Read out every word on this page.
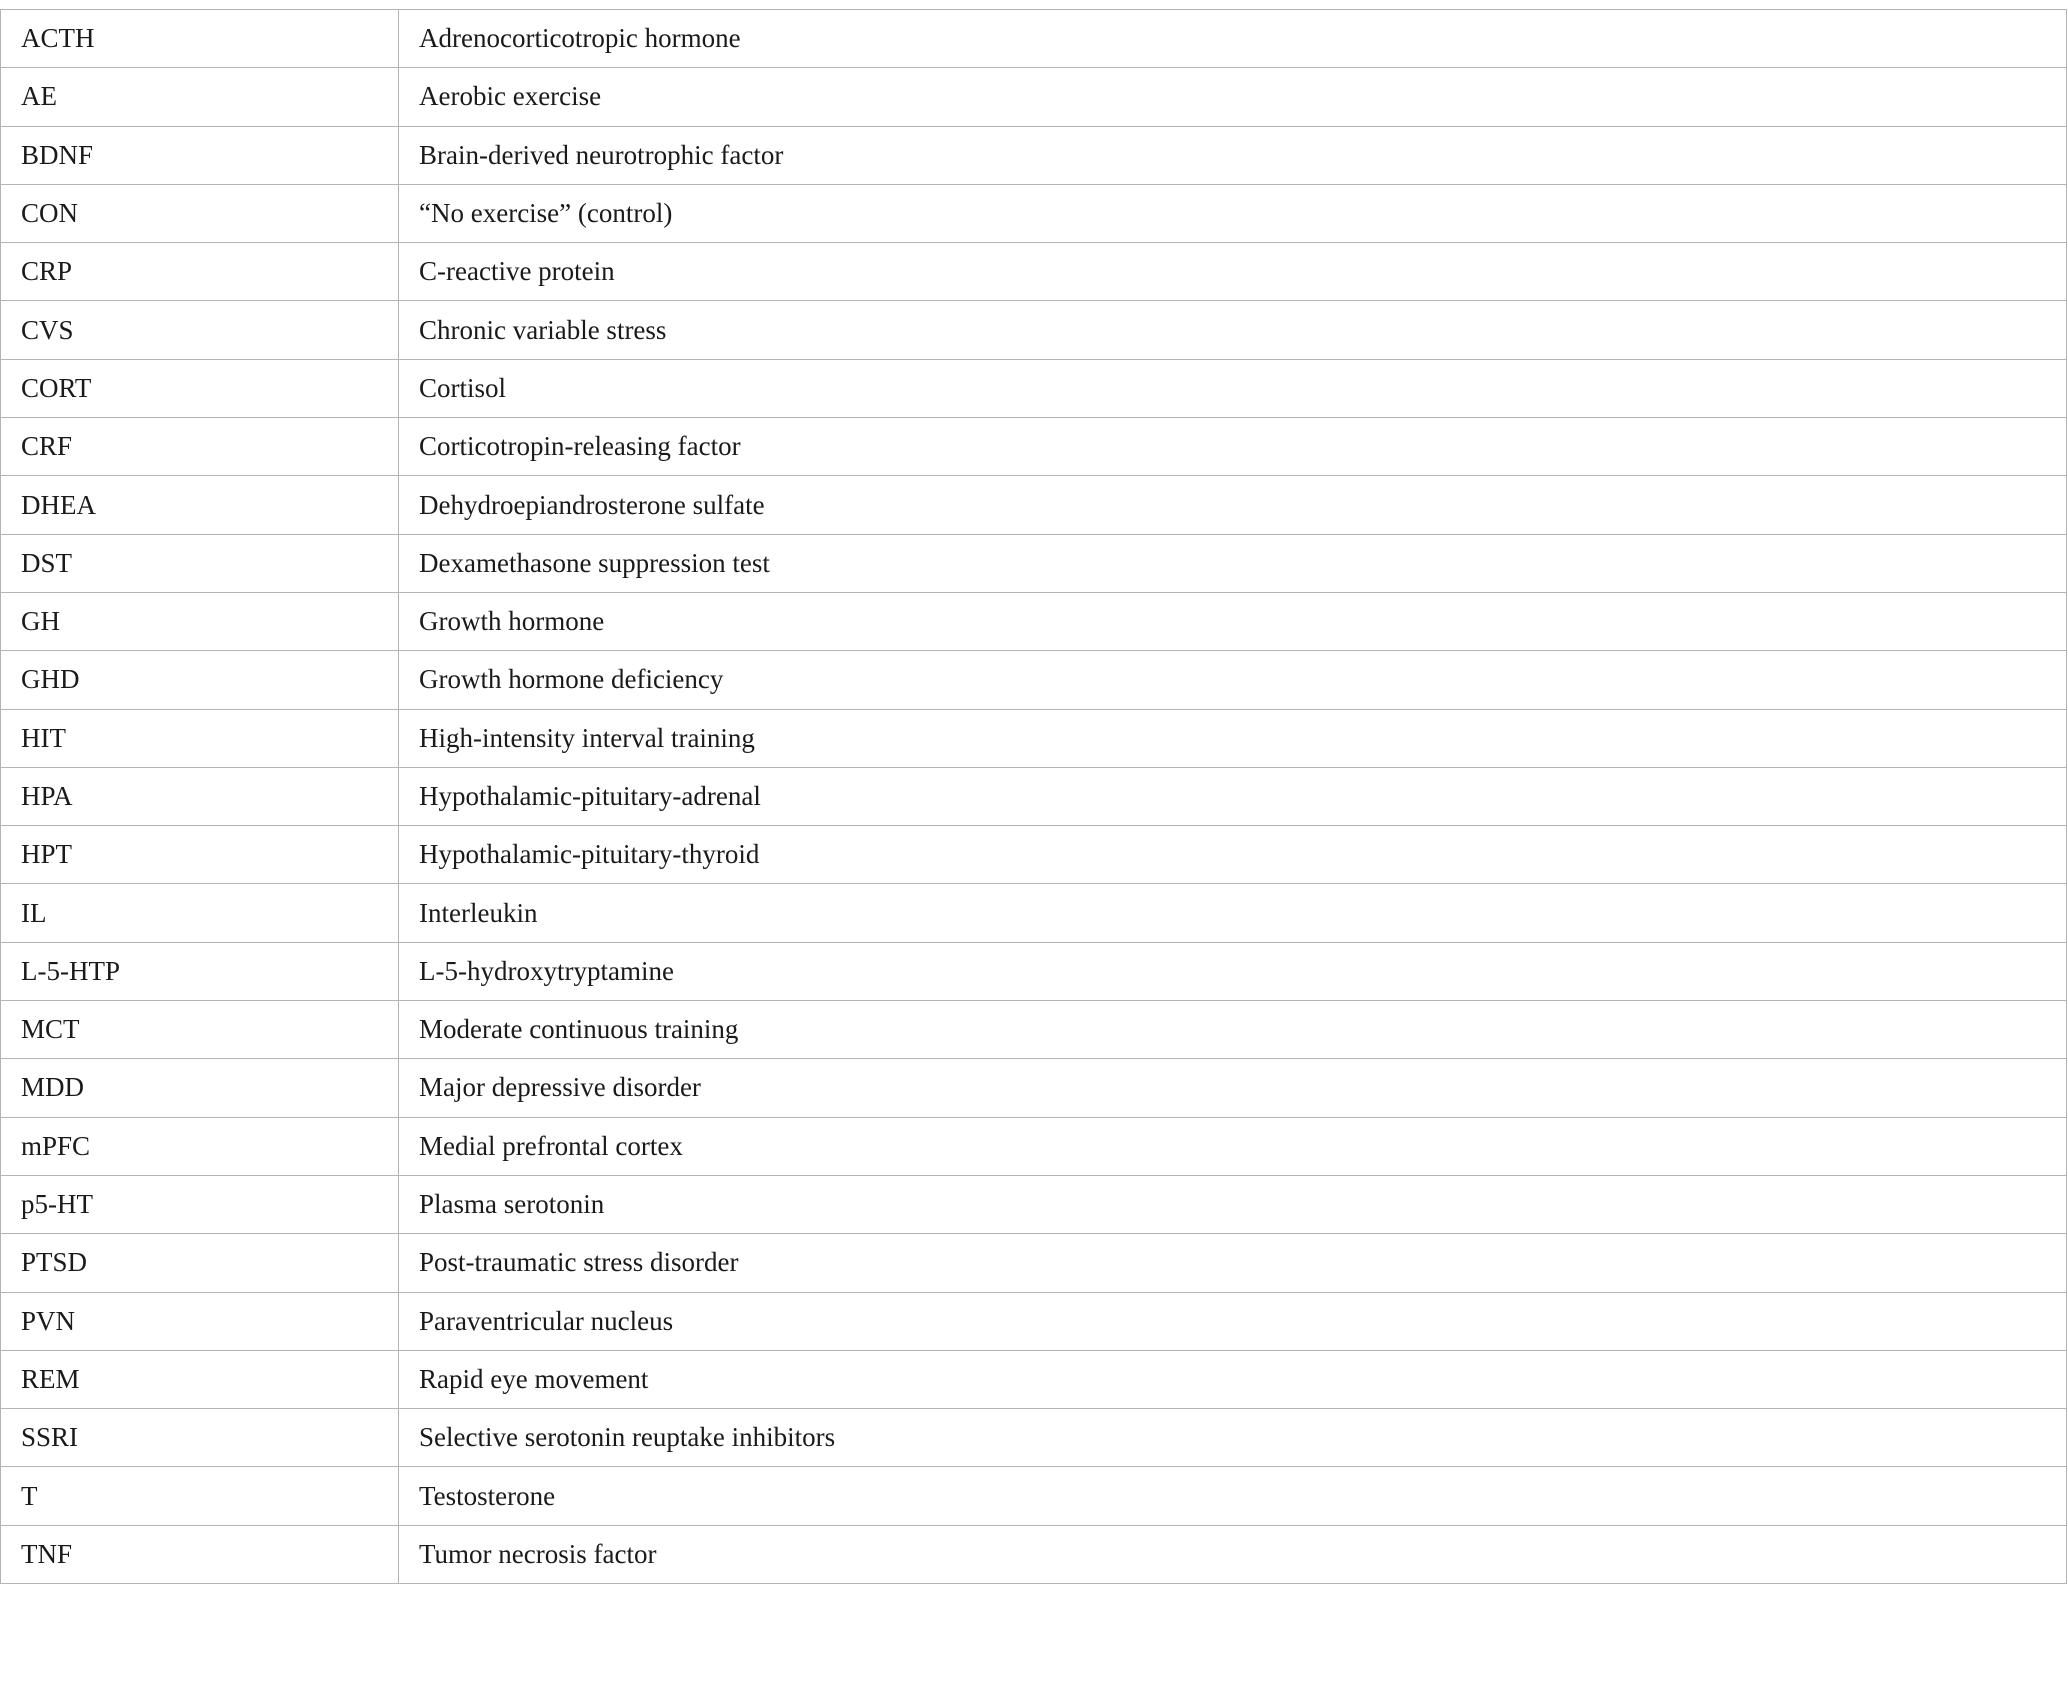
ACTH	Adrenocorticotropic hormone
AE	Aerobic exercise
BDNF	Brain-derived neurotrophic factor
CON	“No exercise” (control)
CRP	C-reactive protein
CVS	Chronic variable stress
CORT	Cortisol
CRF	Corticotropin-releasing factor
DHEA	Dehydroepiandrosterone sulfate
DST	Dexamethasone suppression test
GH	Growth hormone
GHD	Growth hormone deficiency
HIT	High-intensity interval training
HPA	Hypothalamic-pituitary-adrenal
HPT	Hypothalamic-pituitary-thyroid
IL	Interleukin
L-5-HTP	L-5-hydroxytryptamine
MCT	Moderate continuous training
MDD	Major depressive disorder
mPFC	Medial prefrontal cortex
p5-HT	Plasma serotonin
PTSD	Post-traumatic stress disorder
PVN	Paraventricular nucleus
REM	Rapid eye movement
SSRI	Selective serotonin reuptake inhibitors
T	Testosterone
TNF	Tumor necrosis factor
